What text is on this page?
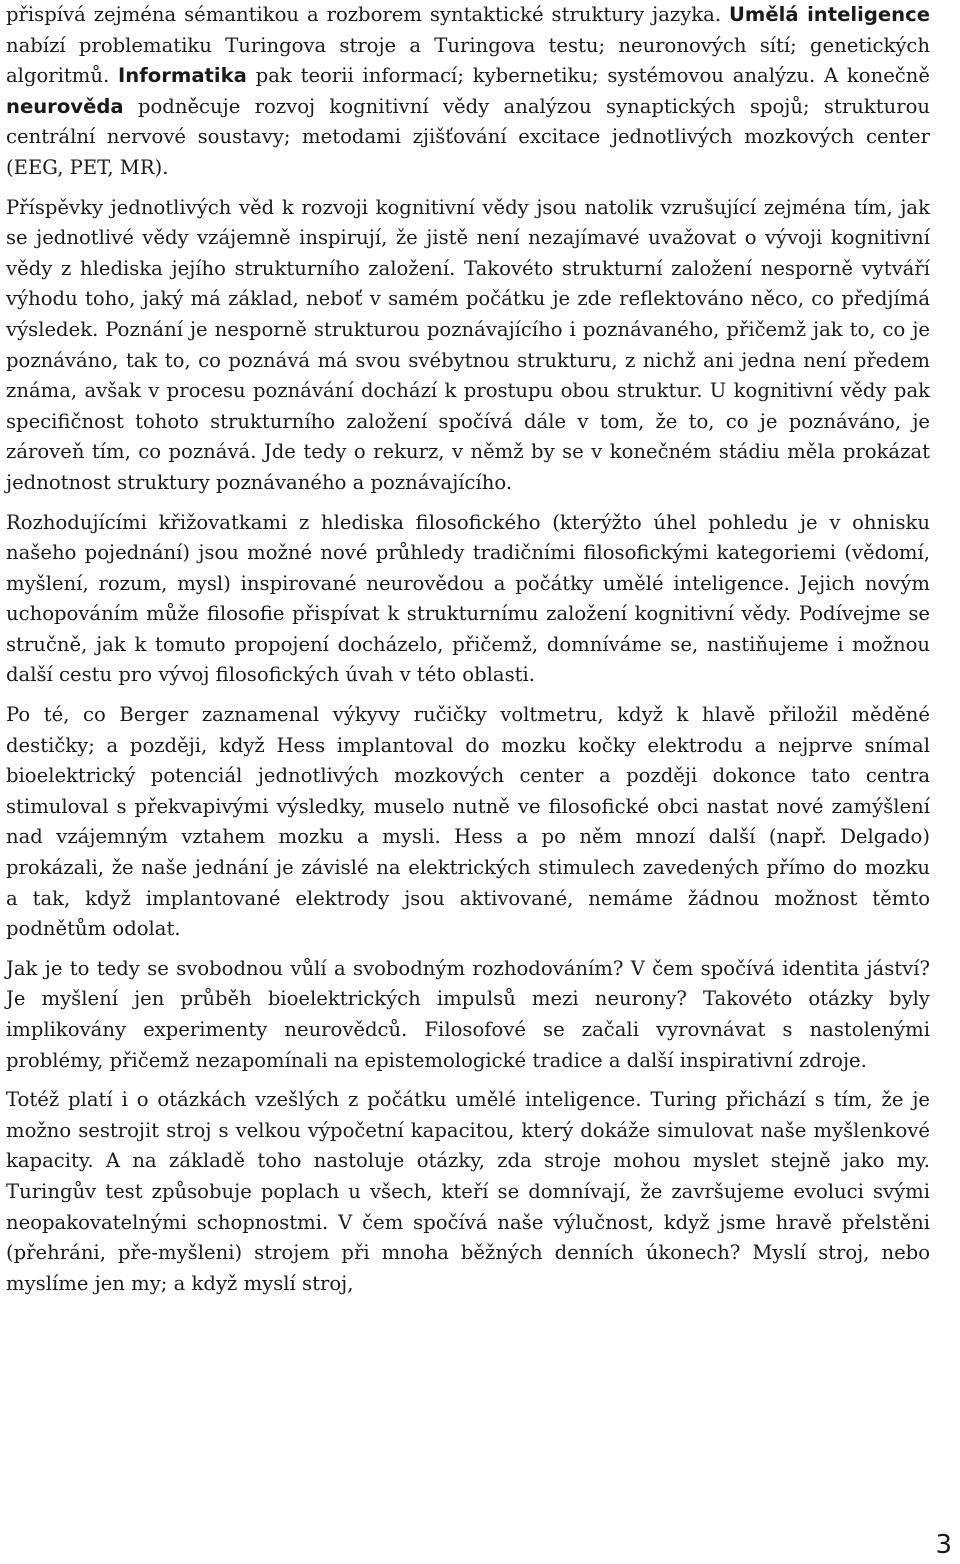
přispívá zejména sémantikou a rozborem syntaktické struktury jazyka. Umělá inteligence nabízí problematiku Turingova stroje a Turingova testu; neuronových sítí; genetických algoritmů. Informatika pak teorii informací; kybernetiku; systémovou analýzu. A konečně neurověda podněcuje rozvoj kognitivní vědy analýzou synaptických spojů; strukturou centrální nervové soustavy; metodami zjišťování excitace jednotlivých mozkových center (EEG, PET, MR).

Příspěvky jednotlivých věd k rozvoji kognitivní vědy jsou natolik vzrušující zejména tím, jak se jednotlivé vědy vzájemně inspirují, že jistě není nezajímavé uvažovat o vývoji kognitivní vědy z hlediska jejího strukturního založení. Takovéto strukturní založení nesporně vytváří výhodu toho, jaký má základ, neboť v samém počátku je zde reflektováno něco, co předjímá výsledek. Poznání je nesporně strukturou poznávajícího i poznávaného, přičemž jak to, co je poznáváno, tak to, co poznává má svou svébytnou strukturu, z nichž ani jedna není předem známa, avšak v procesu poznávání dochází k prostupu obou struktur. U kognitivní vědy pak specifičnost tohoto strukturního založení spočívá dále v tom, že to, co je poznáváno, je zároveň tím, co poznává. Jde tedy o rekurz, v němž by se v konečném stádiu měla prokázat jednotnost struktury poznávaného a poznávajícího.

Rozhodujícími křižovatkami z hlediska filosofického (kterýžto úhel pohledu je v ohnisku našeho pojednání) jsou možné nové průhledy tradičními filosofickými kategoriemi (vědomí, myšlení, rozum, mysl) inspirované neurovědou a počátky umělé inteligence. Jejich novým uchopováním může filosofie přispívat k strukturnímu založení kognitivní vědy. Podívejme se stručně, jak k tomuto propojení docházelo, přičemž, domníváme se, nastiňujeme i možnou další cestu pro vývoj filosofických úvah v této oblasti.

Po té, co Berger zaznamenal výkyvy ručičky voltmetru, když k hlavě přiložil měděné destičky; a později, když Hess implantoval do mozku kočky elektrodu a nejprve snímal bioelektrický potenciál jednotlivých mozkových center a později dokonce tato centra stimuloval s překvapivými výsledky, muselo nutně ve filosofické obci nastat nové zamýšlení nad vzájemným vztahem mozku a mysli. Hess a po něm mnozí další (např. Delgado) prokázali, že naše jednání je závislé na elektrických stimulech zavedených přímo do mozku a tak, když implantované elektrody jsou aktivované, nemáme žádnou možnost těmto podnětům odolat.

Jak je to tedy se svobodnou vůlí a svobodným rozhodováním? V čem spočívá identita jáství? Je myšlení jen průběh bioelektrických impulsů mezi neurony? Takovéto otázky byly implikovány experimenty neurovědců. Filosofové se začali vyrovnávat s nastolenými problémy, přičemž nezapomínali na epistemologické tradice a další inspirativní zdroje.

Totéž platí i o otázkách vzešlých z počátku umělé inteligence. Turing přichází s tím, že je možno sestrojit stroj s velkou výpočetní kapacitou, který dokáže simulovat naše myšlenkové kapacity. A na základě toho nastoluje otázky, zda stroje mohou myslet stejně jako my. Turingův test způsobuje poplach u všech, kteří se domnívají, že završujeme evoluci svými neopakovatelnými schopnostmi. V čem spočívá naše výlučnost, když jsme hravě přelstěni (přehráni, pře-myšleni) strojem při mnoha běžných denních úkonech? Myslí stroj, nebo myslíme jen my; a když myslí stroj,

3
